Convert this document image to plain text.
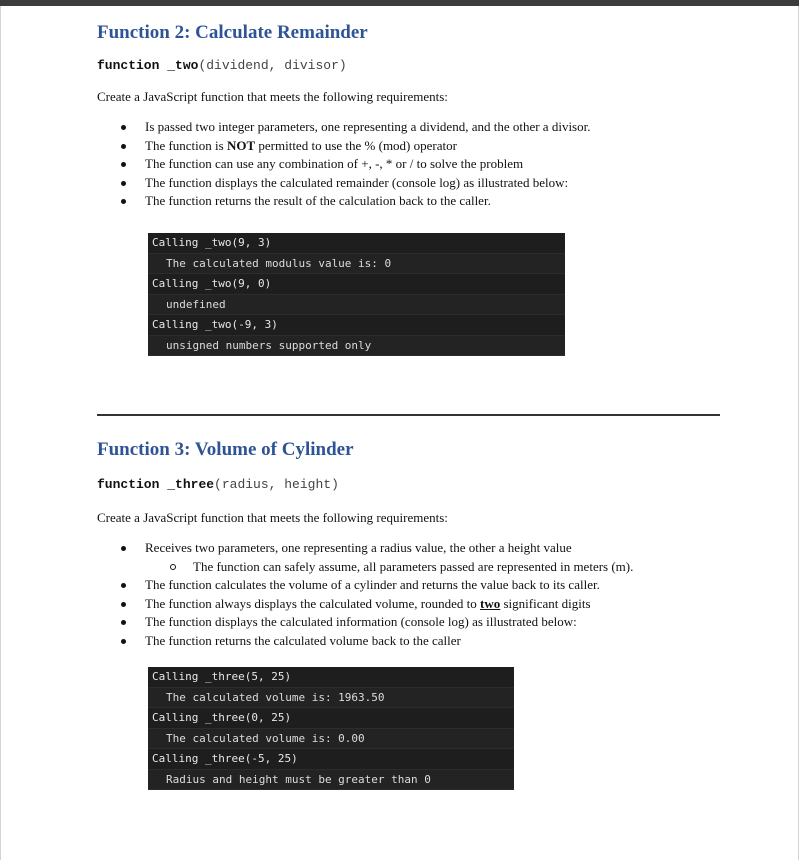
Function 2: Calculate Remainder
function _two(dividend, divisor)
Create a JavaScript function that meets the following requirements:
Is passed two integer parameters, one representing a dividend, and the other a divisor.
The function is NOT permitted to use the % (mod) operator
The function can use any combination of +, -, * or / to solve the problem
The function displays the calculated remainder (console log) as illustrated below:
The function returns the result of the calculation back to the caller.
Calling _two(9, 3)
The calculated modulus value is: 0
Calling _two(9, 0)
undefined
Calling _two(-9, 3)
unsigned numbers supported only
Function 3: Volume of Cylinder
function _three(radius, height)
Create a JavaScript function that meets the following requirements:
Receives two parameters, one representing a radius value, the other a height value
The function can safely assume, all parameters passed are represented in meters (m).
The function calculates the volume of a cylinder and returns the value back to its caller.
The function always displays the calculated volume, rounded to two significant digits
The function displays the calculated information (console log) as illustrated below:
The function returns the calculated volume back to the caller
Calling _three(5, 25)
The calculated volume is: 1963.50
Calling _three(0, 25)
The calculated volume is: 0.00
Calling _three(-5, 25)
Radius and height must be greater than 0
